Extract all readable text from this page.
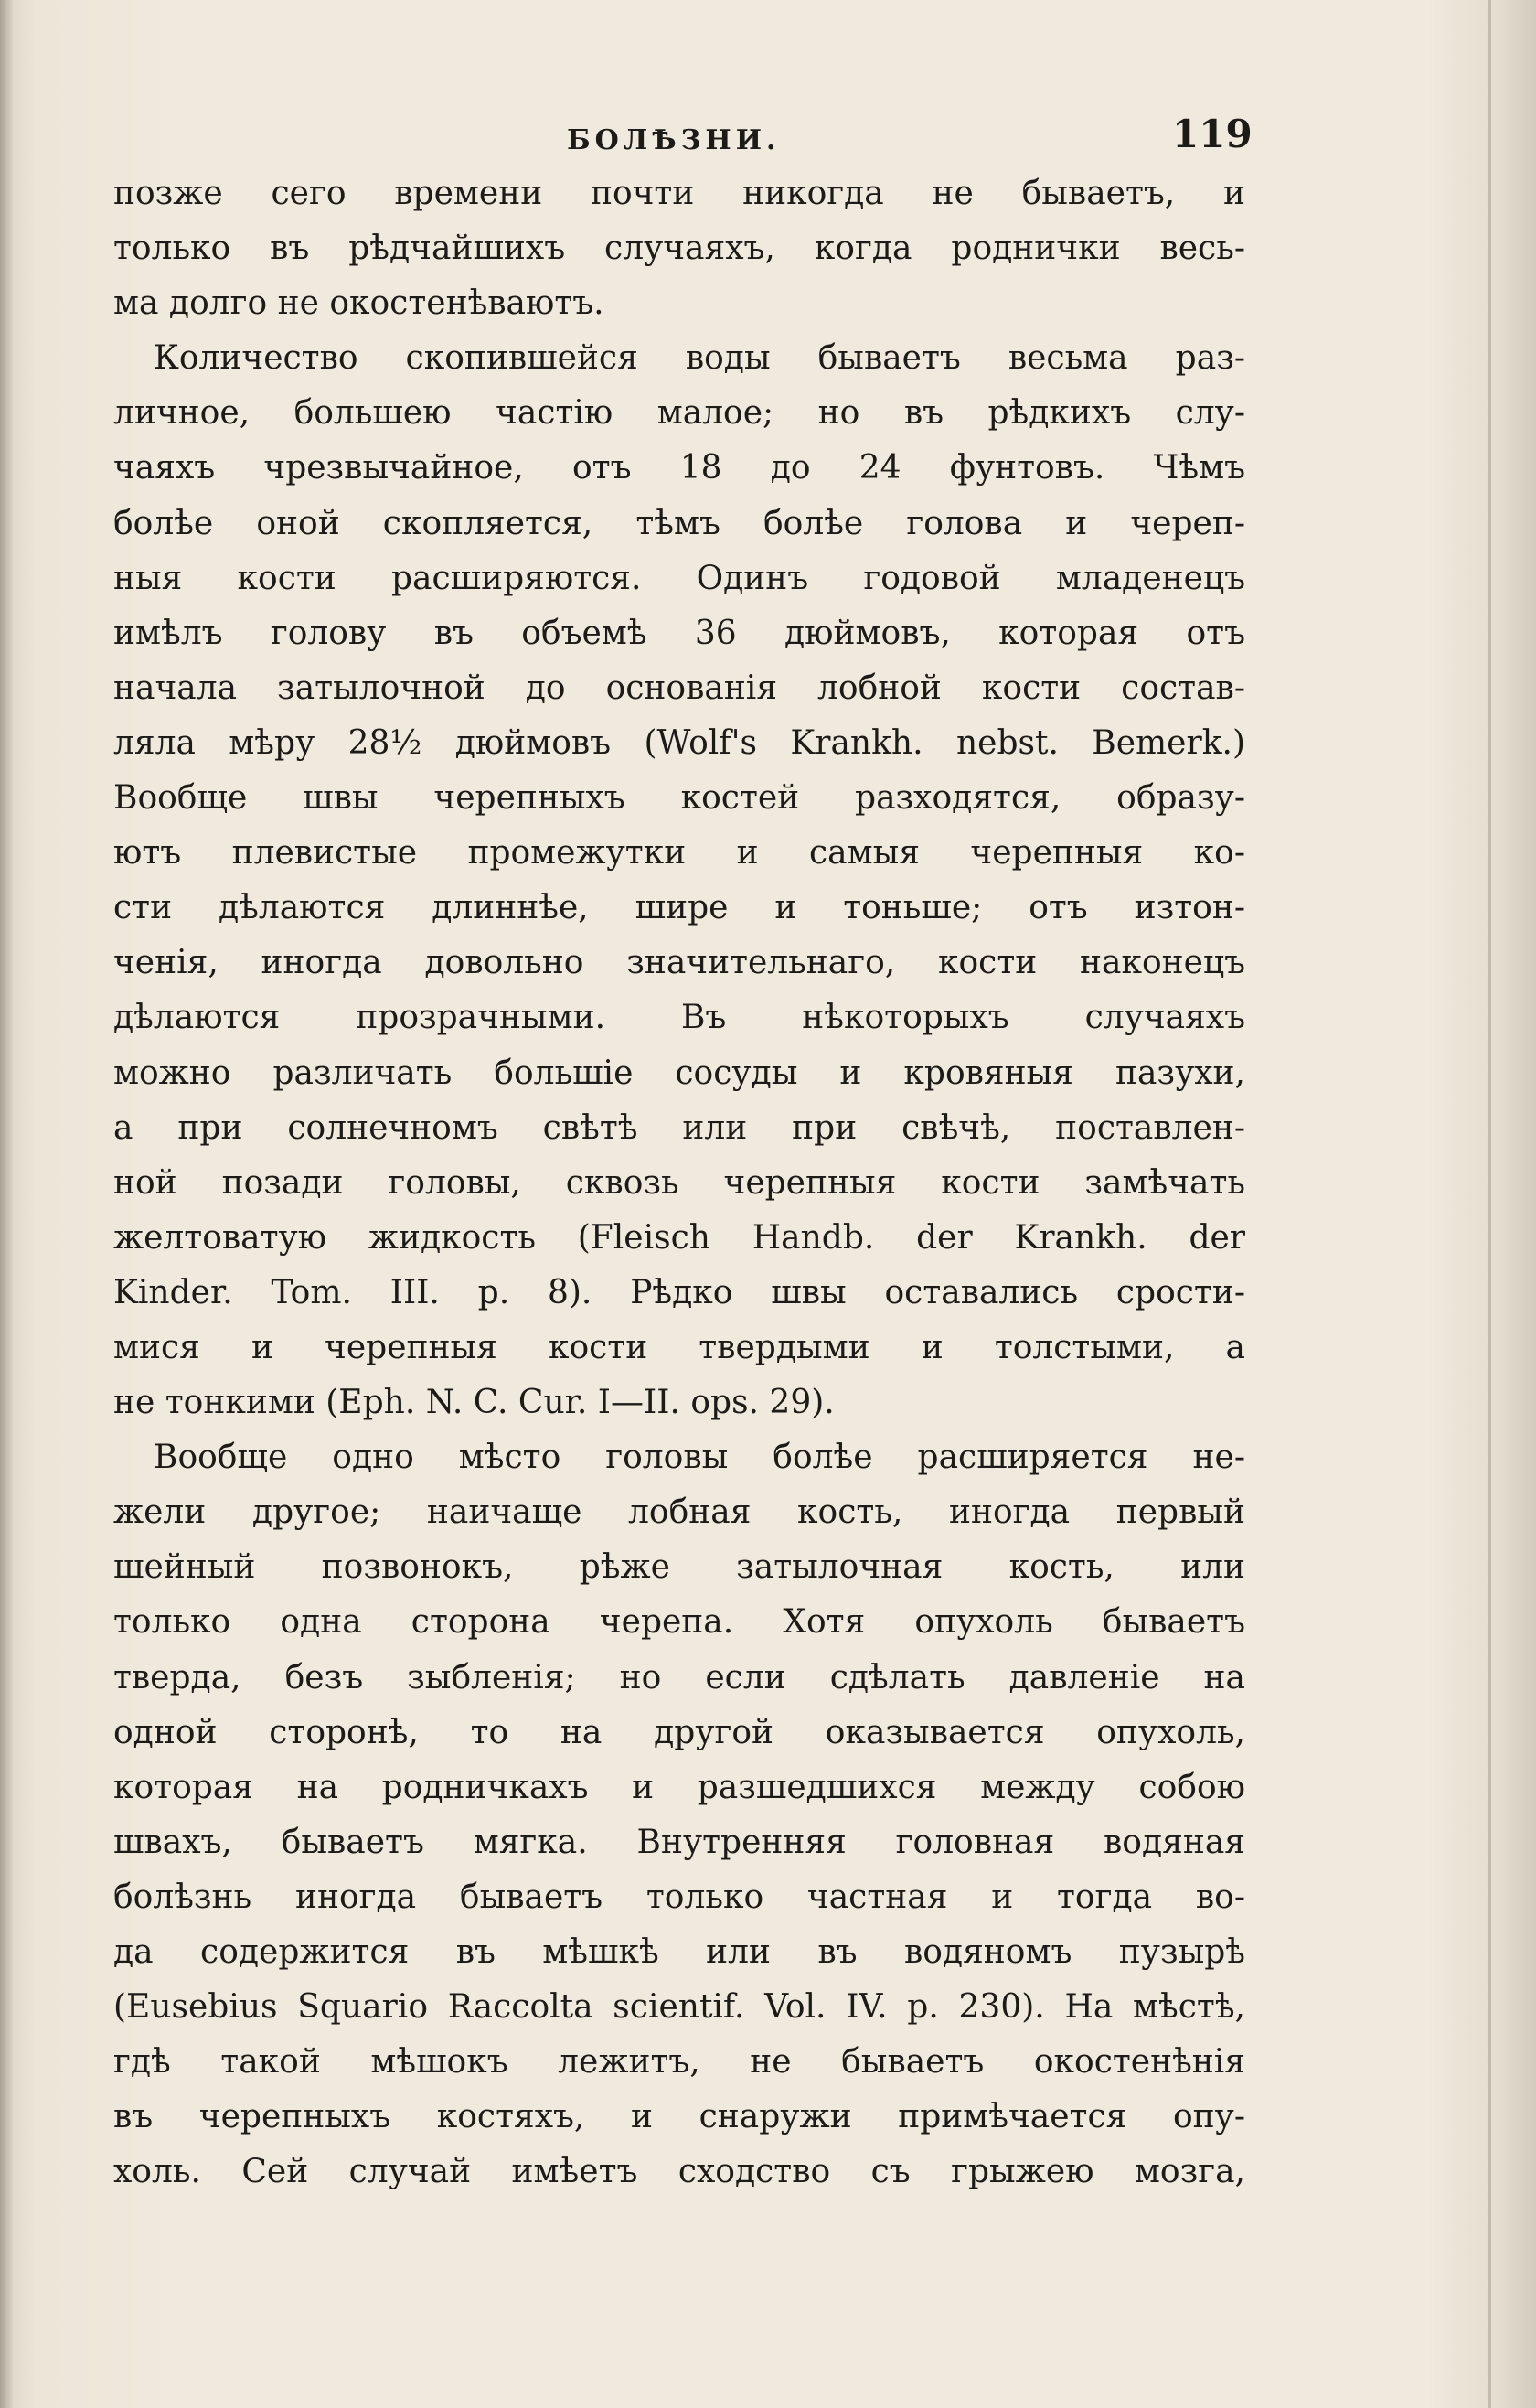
БОЛѢЗНИ.	119
позже сего времени почти никогда не бываетъ, и
только въ рѣдчайшихъ случаяхъ, когда роднички весь-
ма долго не окостенѣваютъ.
Количество скопившейся воды бываетъ весьма раз-
личное, большею частiю малое; но въ рѣдкихъ слу-
чаяхъ чрезвычайное, отъ 18 до 24 фунтовъ. Чѣмъ
болѣе оной скопляется, тѣмъ болѣе голова и череп-
ныя кости расширяются. Одинъ годовой младенецъ
имѣлъ голову въ объемѣ 36 дюймовъ, которая отъ
начала затылочной до основанiя лобной кости состав-
ляла мѣру 28½ дюймовъ (Wolf's Krankh. nebst. Bemerk.)
Вообще швы черепныхъ костей разходятся, образу-
ютъ плевистые промежутки и самыя черепныя ко-
сти дѣлаются длиннѣе, шире и тоньше; отъ изтон-
ченiя, иногда довольно значительнаго, кости наконецъ
дѣлаются прозрачными. Въ нѣкоторыхъ случаяхъ
можно различать большiе сосуды и кровяныя пазухи,
а при солнечномъ свѣтѣ или при свѣчѣ, поставлен-
ной позади головы, сквозь черепныя кости замѣчать
желтоватую жидкость (Fleisch Handb. der Krankh. der
Kinder. Tom. III. p. 8). Рѣдко швы оставались срости-
мися и черепныя кости твердыми и толстыми, а
не тонкими (Eph. N. C. Cur. I—II. ops. 29).
Вообще одно мѣсто головы болѣе расширяется не-
жели другое; наичаще лобная кость, иногда первый
шейный позвонокъ, рѣже затылочная кость, или
только одна сторона черепа. Хотя опухоль бываетъ
тверда, безъ зыбленiя; но если сдѣлать давленiе на
одной сторонѣ, то на другой оказывается опухоль,
которая на родничкахъ и разшедшихся между собою
швахъ, бываетъ мягка. Внутренняя головная водяная
болѣзнь иногда бываетъ только частная и тогда во-
да содержится въ мѣшкѣ или въ водяномъ пузырѣ
(Eusebius Squario Raccolta scientif. Vol. IV. p. 230). На мѣстѣ,
гдѣ такой мѣшокъ лежитъ, не бываетъ окостенѣнiя
въ черепныхъ костяхъ, и снаружи примѣчается опу-
холь. Сей случай имѣетъ сходство съ грыжею мозга,
